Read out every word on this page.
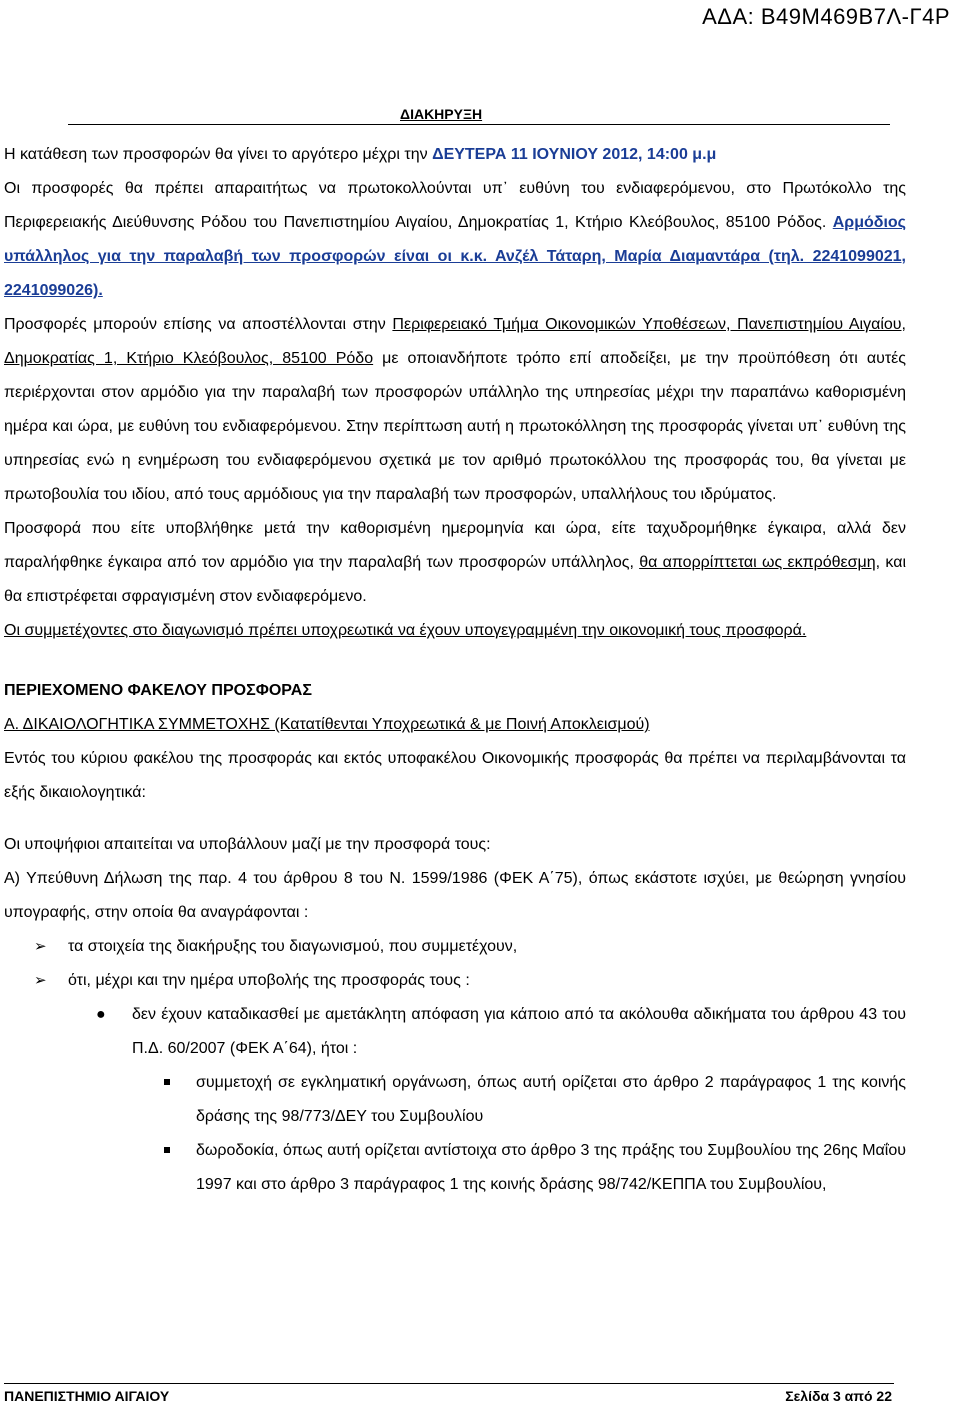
ΑΔΑ: Β49Μ469Β7Λ-Γ4Ρ
ΔΙΑΚΗΡΥΞΗ

Η κατάθεση των προσφορών θα γίνει το αργότερο μέχρι την ΔΕΥΤΕΡΑ 11 ΙΟΥΝΙΟΥ 2012, 14:00 μ.μ

Οι προσφορές θα πρέπει απαραιτήτως να πρωτοκολλούνται υπ᾽ ευθύνη του ενδιαφερόμενου, στο Πρωτόκολλο της Περιφερειακής Διεύθυνσης Ρόδου του Πανεπιστημίου Αιγαίου, Δημοκρατίας 1, Κτήριο Κλεόβουλος, 85100 Ρόδος. Αρμόδιος υπάλληλος για την παραλαβή των προσφορών είναι οι κ.κ. Ανζέλ Τάταρη, Μαρία Διαμαντάρα (τηλ. 2241099021, 2241099026).

Προσφορές μπορούν επίσης να αποστέλλονται στην Περιφερειακό Τμήμα Οικονομικών Υποθέσεων, Πανεπιστημίου Αιγαίου, Δημοκρατίας 1, Κτήριο Κλεόβουλος, 85100 Ρόδο με οποιανδήποτε τρόπο επί αποδείξει, με την προϋπόθεση ότι αυτές περιέρχονται στον αρμόδιο για την παραλαβή των προσφορών υπάλληλο της υπηρεσίας μέχρι την παραπάνω καθορισμένη ημέρα και ώρα, με ευθύνη του ενδιαφερόμενου. Στην περίπτωση αυτή η πρωτοκόλληση της προσφοράς γίνεται υπ᾽ ευθύνη της υπηρεσίας ενώ η ενημέρωση του ενδιαφερόμενου σχετικά με τον αριθμό πρωτοκόλλου της προσφοράς του, θα γίνεται με πρωτοβουλία του ιδίου, από τους αρμόδιους για την παραλαβή των προσφορών, υπαλλήλους του ιδρύματος.

Προσφορά που είτε υποβλήθηκε μετά την καθορισμένη ημερομηνία και ώρα, είτε ταχυδρομήθηκε έγκαιρα, αλλά δεν παραλήφθηκε έγκαιρα από τον αρμόδιο για την παραλαβή των προσφορών υπάλληλος, θα απορρίπτεται ως εκπρόθεσμη, και θα επιστρέφεται σφραγισμένη στον ενδιαφερόμενο.

Οι συμμετέχοντες στο διαγωνισμό πρέπει υποχρεωτικά να έχουν υπογεγραμμένη την οικονομική τους προσφορά.

ΠΕΡΙΕΧΟΜΕΝΟ ΦΑΚΕΛΟΥ ΠΡΟΣΦΟΡΑΣ

Α. ΔΙΚΑΙΟΛΟΓΗΤΙΚΑ ΣΥΜΜΕΤΟΧΗΣ (Κατατίθενται Υποχρεωτικά & με Ποινή Αποκλεισμού)

Εντός του κύριου φακέλου της προσφοράς και εκτός υποφακέλου Οικονομικής προσφοράς θα πρέπει να περιλαμβάνονται τα εξής δικαιολογητικά:

Οι υποψήφιοι απαιτείται να υποβάλλουν μαζί με την προσφορά τους:

Α) Υπεύθυνη Δήλωση της παρ. 4 του άρθρου 8 του Ν. 1599/1986 (ΦΕΚ Α΄75), όπως εκάστοτε ισχύει, με θεώρηση γνησίου υπογραφής, στην οποία θα αναγράφονται :

➢ τα στοιχεία της διακήρυξης του διαγωνισμού, που συμμετέχουν,
➢ ότι, μέχρι και την ημέρα υποβολής της προσφοράς τους :
● δεν έχουν καταδικασθεί με αμετάκλητη απόφαση για κάποιο από τα ακόλουθα αδικήματα του άρθρου 43 του Π.Δ. 60/2007 (ΦΕΚ Α΄64), ήτοι :
συμμετοχή σε εγκληματική οργάνωση, όπως αυτή ορίζεται στο άρθρο 2 παράγραφος 1 της κοινής δράσης της 98/773/ΔΕΥ του Συμβουλίου
δωροδοκία, όπως αυτή ορίζεται αντίστοιχα στο άρθρο 3 της πράξης του Συμβουλίου της 26ης Μαΐου 1997 και στο άρθρο 3 παράγραφος 1 της κοινής δράσης 98/742/ΚΕΠΠΑ του Συμβουλίου,
ΠΑΝΕΠΙΣΤΗΜΙΟ ΑΙΓΑΙΟΥ	Σελίδα 3 από 22
